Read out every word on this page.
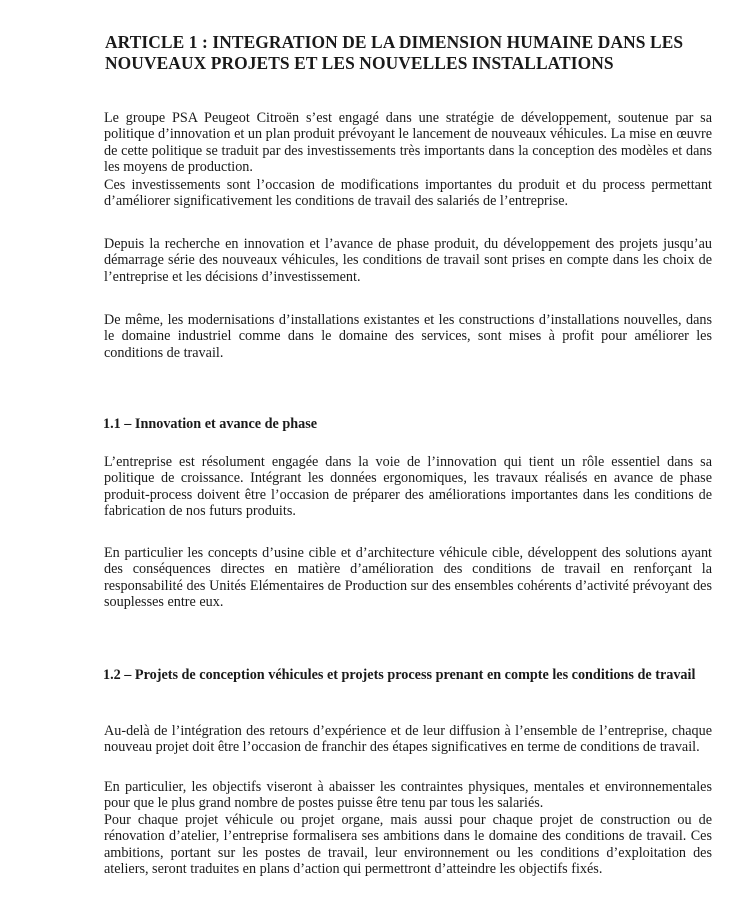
ARTICLE 1 : INTEGRATION DE LA DIMENSION HUMAINE DANS LES NOUVEAUX PROJETS ET LES NOUVELLES INSTALLATIONS

Le groupe PSA Peugeot Citroën s’est engagé dans une stratégie de développement, soutenue par sa politique d’innovation et un plan produit prévoyant le lancement de nouveaux véhicules. La mise en œuvre de cette politique se traduit par des investissements très importants dans la conception des modèles et dans les moyens de production.

Ces investissements sont l’occasion de modifications importantes du produit et du process permettant d’améliorer significativement les conditions de travail des salariés de l’entreprise.

Depuis la recherche en innovation et l’avance de phase produit, du développement des projets jusqu’au démarrage série des nouveaux véhicules, les conditions de travail sont prises en compte dans les choix de l’entreprise et les décisions d’investissement.

De même, les modernisations d’installations existantes et les constructions d’installations nouvelles, dans le domaine industriel comme dans le domaine des services, sont mises à profit pour améliorer les conditions de travail.

1.1 – Innovation et avance de phase

L’entreprise est résolument engagée dans la voie de l’innovation qui tient un rôle essentiel dans sa politique de croissance. Intégrant les données ergonomiques, les travaux réalisés en avance de phase produit-process doivent être l’occasion de préparer des améliorations importantes dans les conditions de fabrication de nos futurs produits.

En particulier les concepts d’usine cible et d’architecture véhicule cible, développent des solutions ayant des conséquences directes en matière d’amélioration des conditions de travail en renforçant la responsabilité des Unités Elémentaires de Production sur des ensembles cohérents d’activité prévoyant des souplesses entre eux.

1.2 – Projets de conception véhicules et projets process prenant en compte les conditions de travail

Au-delà de l’intégration des retours d’expérience et de leur diffusion à l’ensemble de l’entreprise, chaque nouveau projet doit être l’occasion de franchir des étapes significatives en terme de conditions de travail.

En particulier, les objectifs viseront à abaisser les contraintes physiques, mentales et environnementales pour que le plus grand nombre de postes puisse être tenu par tous les salariés.

Pour chaque projet véhicule ou projet organe, mais aussi pour chaque projet de construction ou de rénovation d’atelier, l’entreprise formalisera ses ambitions dans le domaine des conditions de travail. Ces ambitions, portant sur les postes de travail, leur environnement ou les conditions d’exploitation des ateliers, seront traduites en plans d’action qui permettront d’atteindre les objectifs fixés.
